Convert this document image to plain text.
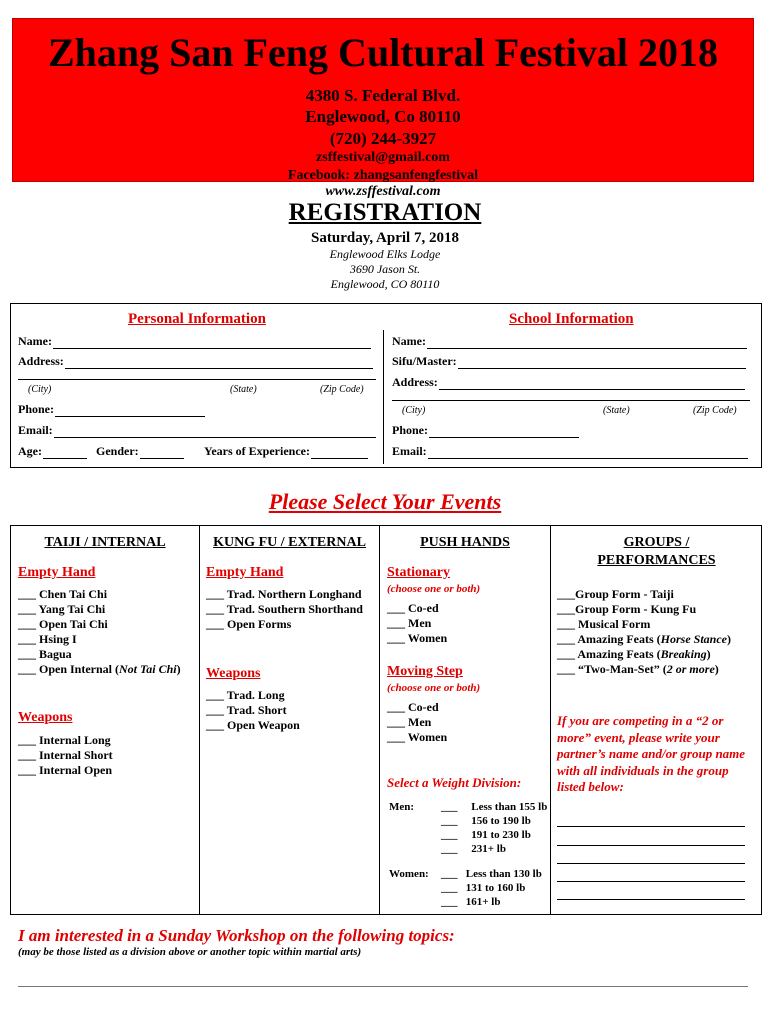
Zhang San Feng Cultural Festival 2018
4380 S. Federal Blvd.
Englewood, Co 80110
(720) 244-3927
zsffestival@gmail.com
Facebook: zhangsanfengfestival
www.zsffestival.com
REGISTRATION
Saturday, April 7, 2018
Englewood Elks Lodge
3690 Jason St.
Englewood, CO 80110
Personal Information
Name:
Address:
(City)	(State)	(Zip Code)
Phone:
Email:
Age:	Gender:	Years of Experience:
School Information
Name:
Sifu/Master:
Address:
(City)	(State)	(Zip Code)
Phone:
Email:
Please Select Your Events
TAIJI / INTERNAL
Empty Hand
___ Chen Tai Chi
___ Yang Tai Chi
___ Open Tai Chi
___ Hsing I
___ Bagua
___ Open Internal (Not Tai Chi)
Weapons
___ Internal Long
___ Internal Short
___ Internal Open
KUNG FU / EXTERNAL
Empty Hand
___ Trad. Northern Longhand
___ Trad. Southern Shorthand
___ Open Forms
Weapons
___ Trad. Long
___ Trad. Short
___ Open Weapon
PUSH HANDS
Stationary
(choose one or both)
___ Co-ed
___ Men
___ Women
Moving Step
(choose one or both)
___ Co-ed
___ Men
___ Women
Select a Weight Division:
Men: ___     Less than 155 lb
___     156 to 190 lb
___     191 to 230 lb
___     231+ lb
Women: ___   Less than 130 lb
___   131 to 160 lb
___   161+ lb
GROUPS /
PERFORMANCES
___Group Form - Taiji
___Group Form - Kung Fu
___ Musical Form
___ Amazing Feats (Horse Stance)
___ Amazing Feats (Breaking)
___ “Two-Man-Set” (2 or more)
If you are competing in a “2 or more” event, please write your partner’s name and/or group name with all individuals in the group listed below:
I am interested in a Sunday Workshop on the following topics:
(may be those listed as a division above or another topic within martial arts)
